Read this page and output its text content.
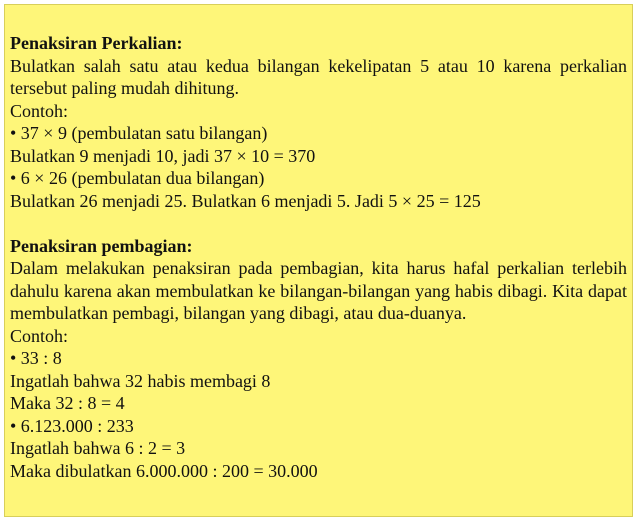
Penaksiran Perkalian:
Bulatkan salah satu atau kedua bilangan kekelipatan 5 atau 10 karena perkalian tersebut paling mudah dihitung.
Contoh:
• 37 × 9 (pembulatan satu bilangan)
Bulatkan 9 menjadi 10, jadi 37 × 10 = 370
• 6 × 26 (pembulatan dua bilangan)
Bulatkan 26 menjadi 25. Bulatkan 6 menjadi 5. Jadi 5 × 25 = 125
Penaksiran pembagian:
Dalam melakukan penaksiran pada pembagian, kita harus hafal perkalian terlebih dahulu karena akan membulatkan ke bilangan-bilangan yang habis dibagi. Kita dapat membulatkan pembagi, bilangan yang dibagi, atau dua-duanya.
Contoh:
• 33 : 8
Ingatlah bahwa 32 habis membagi 8
Maka 32 : 8 = 4
• 6.123.000 : 233
Ingatlah bahwa 6 : 2 = 3
Maka dibulatkan 6.000.000 : 200 = 30.000
